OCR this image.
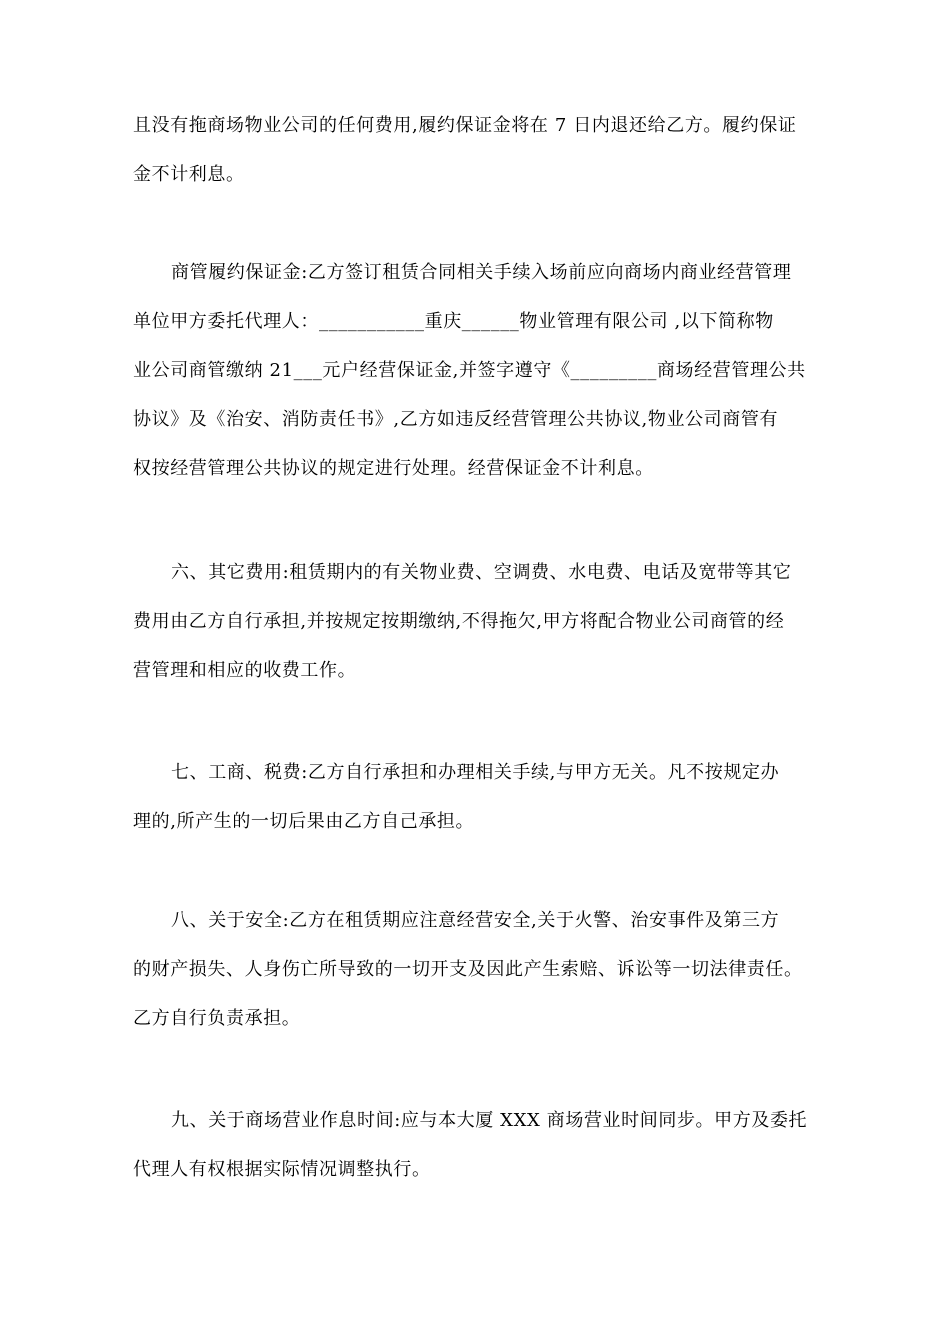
且没有拖商场物业公司的任何费用,履约保证金将在 7 日内退还给乙方。履约保证
金不计利息。
商管履约保证金:乙方签订租赁合同相关手续入场前应向商场内商业经营管理
单位甲方委托代理人：___________重庆______物业管理有限公司 ,以下简称物
业公司商管缴纳 21___元户经营保证金,并签字遵守《_________商场经营管理公共
协议》及《治安、消防责任书》,乙方如违反经营管理公共协议,物业公司商管有
权按经营管理公共协议的规定进行处理。经营保证金不计利息。
六、其它费用:租赁期内的有关物业费、空调费、水电费、电话及宽带等其它
费用由乙方自行承担,并按规定按期缴纳,不得拖欠,甲方将配合物业公司商管的经
营管理和相应的收费工作。
七、工商、税费:乙方自行承担和办理相关手续,与甲方无关。凡不按规定办
理的,所产生的一切后果由乙方自己承担。
八、关于安全:乙方在租赁期应注意经营安全,关于火警、治安事件及第三方
的财产损失、人身伤亡所导致的一切开支及因此产生索赔、诉讼等一切法律责任。
乙方自行负责承担。
九、关于商场营业作息时间:应与本大厦 XXX 商场营业时间同步。甲方及委托
代理人有权根据实际情况调整执行。
